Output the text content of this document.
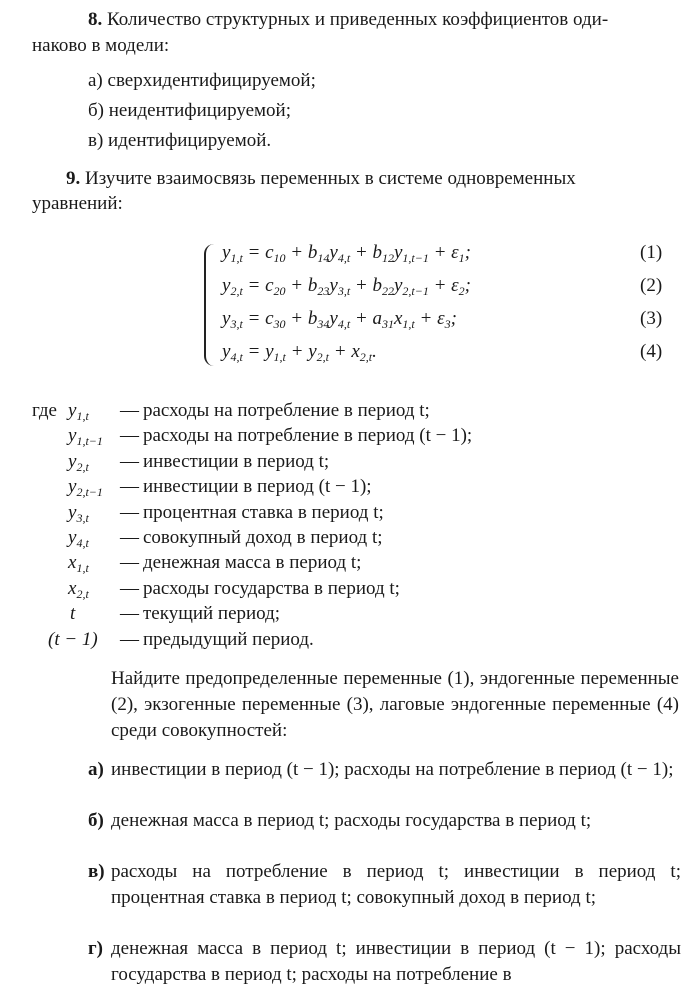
8. Количество структурных и приведенных коэффициентов оди-
наково в модели:
а) сверхидентифицируемой;
б) неидентифицируемой;
в) идентифицируемой.
9. Изучите взаимосвязь переменных в системе одновременных
уравнений:
$y_{1,t} = c_{10} + b_{14}y_{4,t} + b_{12}y_{1,t-1} + \varepsilon_1$;	(1)
$y_{2,t} = c_{20} + b_{23}y_{3,t} + b_{22}y_{2,t-1} + \varepsilon_2$;	(2)
$y_{3,t} = c_{30} + b_{34}y_{4,t} + a_{31}x_{1,t} + \varepsilon_3$;	(3)
$y_{4,t} = y_{1,t} + y_{2,t} + x_{2,t}$.	(4)
где $y_{1,t}$ — расходы на потребление в период t;
$y_{1,t-1}$ — расходы на потребление в период (t − 1);
$y_{2,t}$ — инвестиции в период t;
$y_{2,t-1}$ — инвестиции в период (t − 1);
$y_{3,t}$ — процентная ставка в период t;
$y_{4,t}$ — совокупный доход в период t;
$x_{1,t}$ — денежная масса в период t;
$x_{2,t}$ — расходы государства в период t;
t — текущий период;
(t − 1) — предыдущий период.
Найдите предопределенные переменные (1), эндогенные переменные (2), экзогенные переменные (3), лаговые эндогенные переменные (4) среди совокупностей:
а) инвестиции в период (t − 1); расходы на потребление в период (t − 1);
б) денежная масса в период t; расходы государства в период t;
в) расходы на потребление в период t; инвестиции в период t; процентная ставка в период t; совокупный доход в период t;
г) денежная масса в период t; инвестиции в период (t − 1); расходы государства в период t; расходы на потребление в
